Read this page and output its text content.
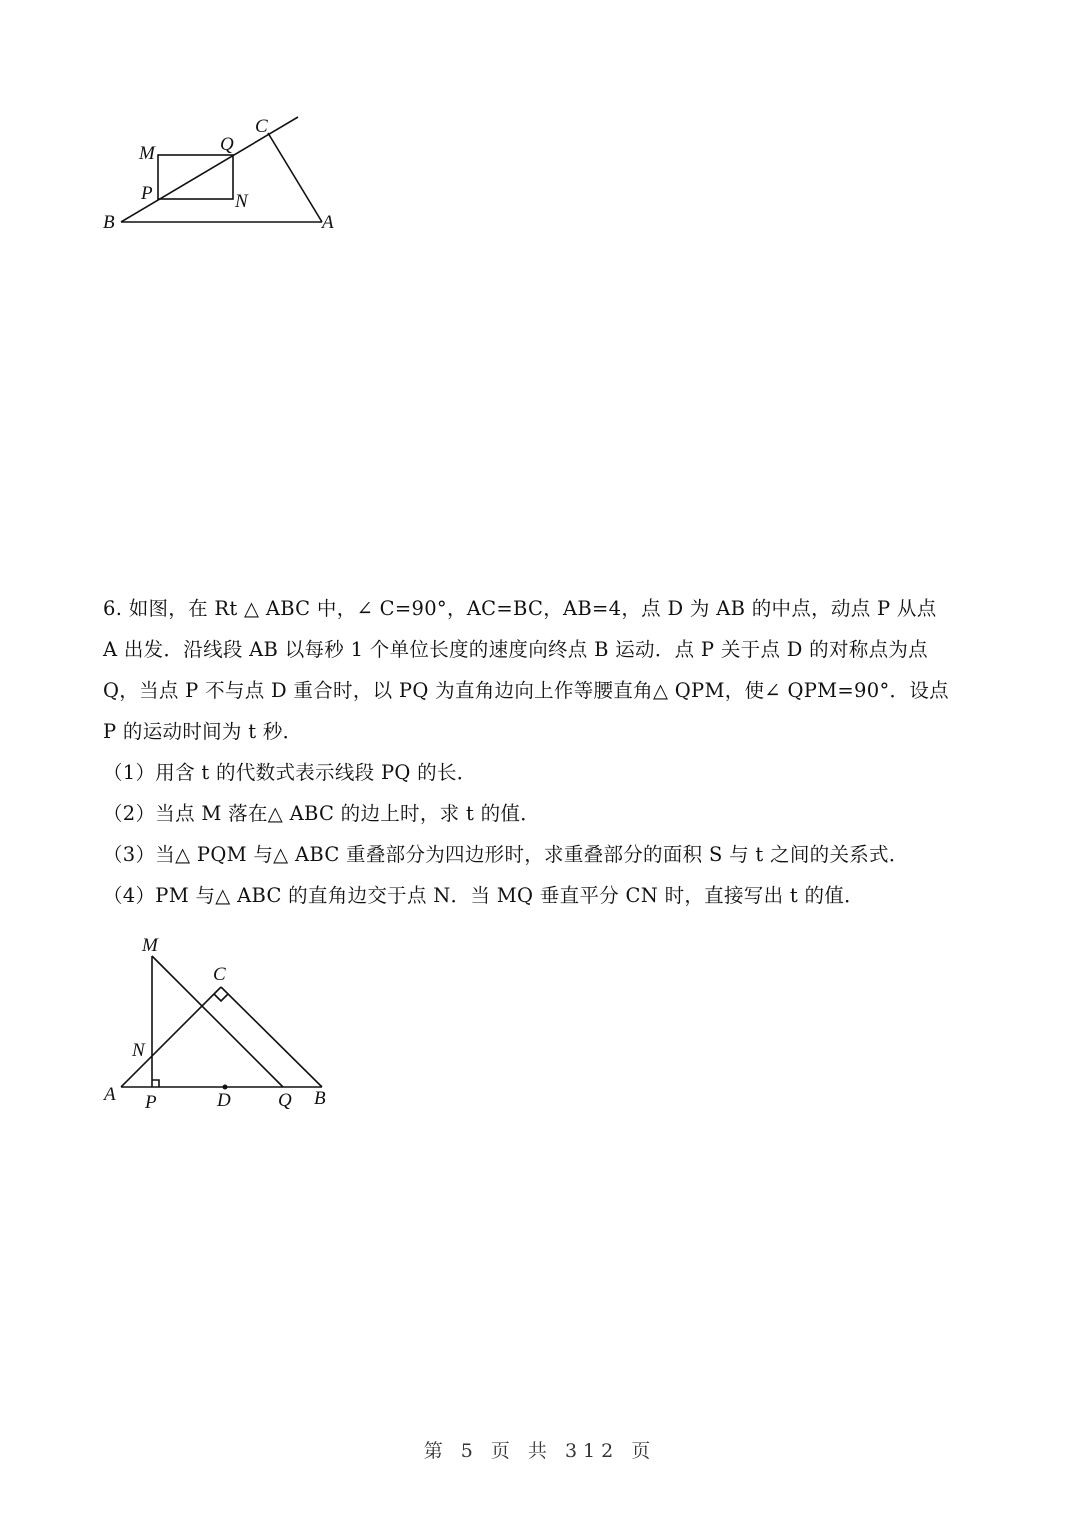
M	Q
C
P	N
B	A

6. 如图，在 Rt △ ABC 中，∠ C=90°，AC=BC，AB=4，点 D 为 AB 的中点，动点 P 从点

A 出发．沿线段 AB 以每秒 1 个单位长度的速度向终点 B 运动．点 P 关于点 D 的对称点为点

Q，当点 P 不与点 D 重合时，以 PQ 为直角边向上作等腰直角△ QPM，使∠ QPM=90°．设点

P 的运动时间为 t 秒．

（1）用含 t 的代数式表示线段 PQ 的长．

（2）当点 M 落在△ ABC 的边上时，求 t 的值．

（3）当△ PQM 与△ ABC 重叠部分为四边形时，求重叠部分的面积 S 与 t 之间的关系式．

（4）PM 与△ ABC 的直角边交于点 N．当 MQ 垂直平分 CN 时，直接写出 t 的值．

M
C
N
A P	D Q B
第 5 页 共 312 页
